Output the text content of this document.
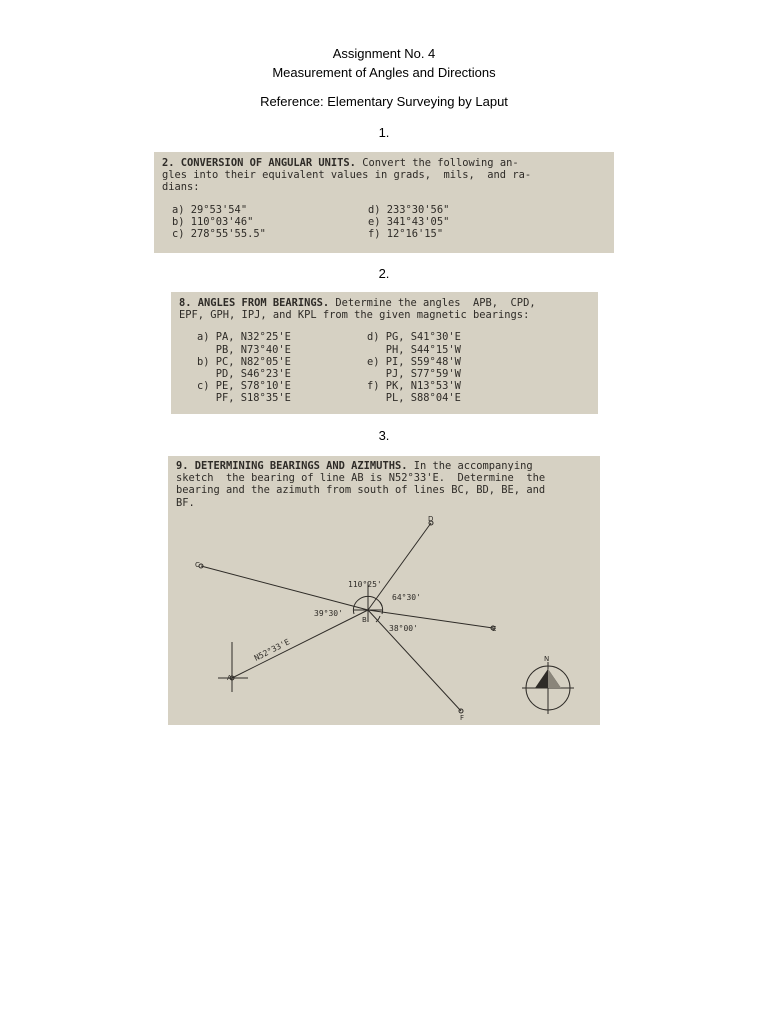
Assignment No. 4
Measurement of Angles and Directions
Reference: Elementary Surveying by Laput
1.
2. CONVERSION OF ANGULAR UNITS. Convert the following an-
gles into their equivalent values in grads,  mils,  and ra-
dians:
a) 29°53'54"
b) 110°03'46"
c) 278°55'55.5"
d) 233°30'56"
e) 341°43'05"
f) 12°16'15"
2.
8. ANGLES FROM BEARINGS. Determine the angles  APB,  CPD,
EPF, GPH, IPJ, and KPL from the given magnetic bearings:
a) PA, N32°25'E
PB, N73°40'E
b) PC, N82°05'E
PD, S46°23'E
c) PE, S78°10'E
PF, S18°35'E
d) PG, S41°30'E
PH, S44°15'W
e) PI, S59°48'W
PJ, S77°59'W
f) PK, N13°53'W
PL, S88°04'E
3.
9. DETERMINING BEARINGS AND AZIMUTHS. In the accompanying
sketch  the bearing of line AB is N52°33'E.  Determine  the
bearing and the azimuth from south of lines BC, BD, BE, and
BF.
110°25'
64°30'
39°30'
38°00'
N52°33'E
B
C
D
E
F
A
N
